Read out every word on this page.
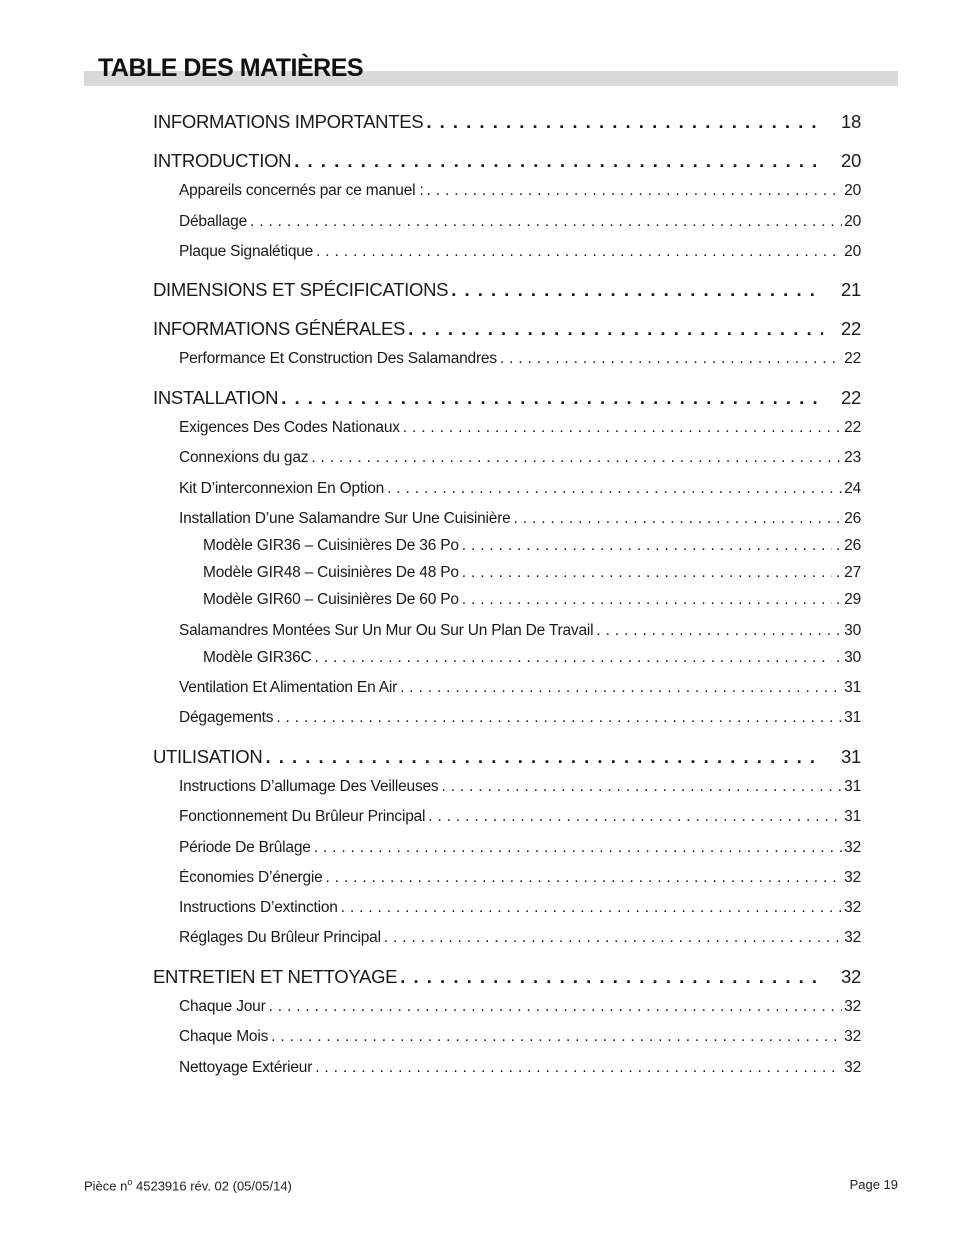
TABLE DES MATIÈRES
INFORMATIONS IMPORTANTES . . .	18
INTRODUCTION . . .	20
Appareils concernés par ce manuel : . . .	20
Déballage . . .	20
Plaque Signalétique . . .	20
DIMENSIONS ET SPÉCIFICATIONS . . .	21
INFORMATIONS GÉNÉRALES . . .	22
Performance Et Construction Des Salamandres . . .	22
INSTALLATION . . .	22
Exigences Des Codes Nationaux . . .	22
Connexions du gaz . . .	23
Kit D’interconnexion En Option . . .	24
Installation D’une Salamandre Sur Une Cuisinière . . .	26
Modèle GIR36 – Cuisinières De 36 Po . . .	. 26
Modèle GIR48 – Cuisinières De 48 Po . . .	. 27
Modèle GIR60 – Cuisinières De 60 Po . . .	. 29
Salamandres Montées Sur Un Mur Ou Sur Un Plan De Travail . . .	30
Modèle GIR36C . . .	. 30
Ventilation Et Alimentation En Air . . .	31
Dégagements . . .	31
UTILISATION . . .	31
Instructions D’allumage Des Veilleuses . . .	31
Fonctionnement Du Brûleur Principal . . .	31
Période De Brûlage . . .	32
Économies D’énergie . . .	32
Instructions D’extinction . . .	32
Réglages Du Brûleur Principal . . .	32
ENTRETIEN ET NETTOYAGE . . .	32
Chaque Jour . . .	32
Chaque Mois . . .	32
Nettoyage Extérieur . . .	32
Pièce $n^o$ 4523916 rév. 02 (05/05/14)	Page 19
